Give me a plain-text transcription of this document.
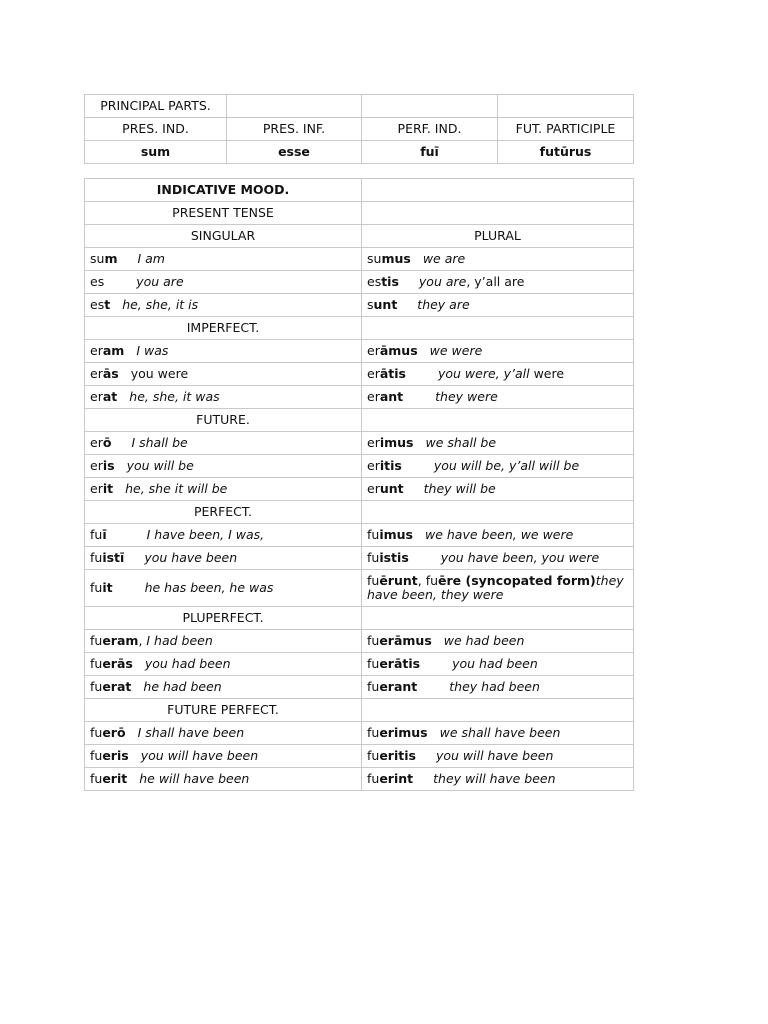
PRINCIPAL PARTS.			
PRES. IND.	PRES. INF.	PERF. IND.	FUT. PARTICIPLE
sum	esse	fuī	futūrus
INDICATIVE MOOD.	
PRESENT TENSE	
SINGULAR	PLURAL
sum I am	sumus we are
es you are	estis you are, y’all are
est he, she, it is	sunt they are
IMPERFECT.	
eram I was	erāmus we were
erās you were	erātis you were, y’all were
erat he, she, it was	erant they were
FUTURE.	
erō I shall be	erimus we shall be
eris you will be	eritis you will be, y’all will be
erit he, she it will be	erunt they will be
PERFECT.	
fuī I have been, I was,	fuimus we have been, we were
fuistī you have been	fuistis you have been, you were
fuit he has been, he was	fuērunt, fuēre (syncopated form)they have been, they were
PLUPERFECT.	
fueram, I had been	fuerāmus we had been
fuerās you had been	fuerātis you had been
fuerat he had been	fuerant they had been
FUTURE PERFECT.	
fuerō I shall have been	fuerimus we shall have been
fueris you will have been	fueritis you will have been
fuerit he will have been	fuerint they will have been
